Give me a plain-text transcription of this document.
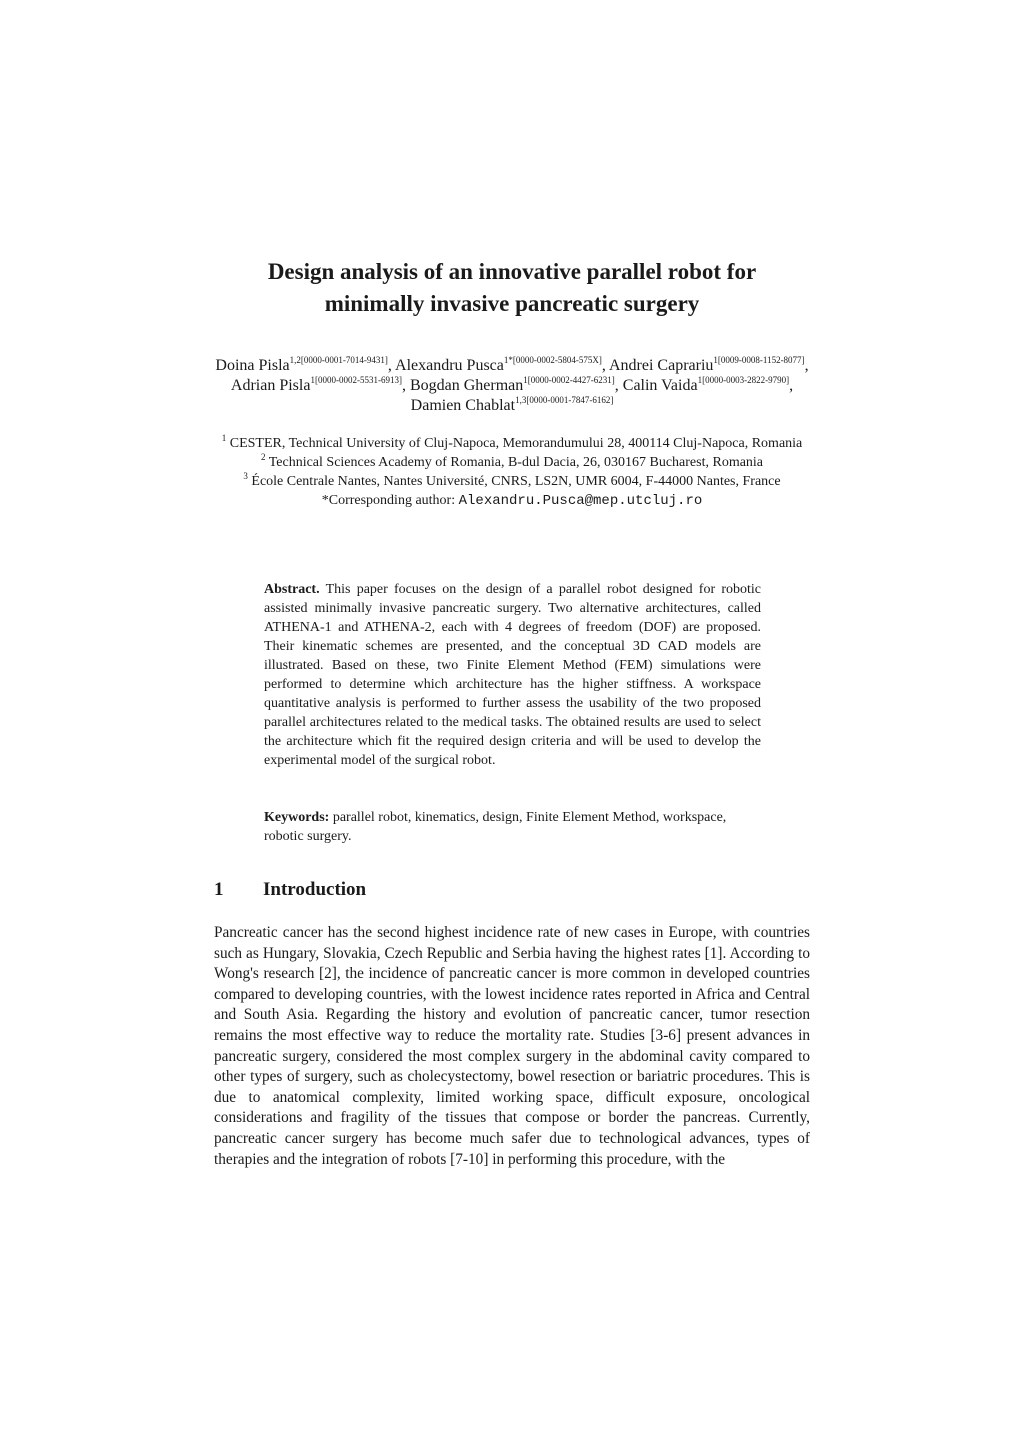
Design analysis of an innovative parallel robot for
minimally invasive pancreatic surgery
Doina Pisla$^{1,2[0000-0001-7014-9431]}$, Alexandru Pusca$^{1*[0000-0002-5804-575X]}$, Andrei Caprariu$^{1[0009-0008-1152-8077]}$, Adrian Pisla$^{1[0000-0002-5531-6913]}$, Bogdan Gherman$^{1[0000-0002-4427-6231]}$, Calin Vaida$^{1[0000-0003-2822-9790]}$, Damien Chablat$^{1,3[0000-0001-7847-6162]}$
$^1$ CESTER, Technical University of Cluj-Napoca, Memorandumului 28, 400114 Cluj-Napoca, Romania
$^2$ Technical Sciences Academy of Romania, B-dul Dacia, 26, 030167 Bucharest, Romania
$^3$ École Centrale Nantes, Nantes Université, CNRS, LS2N, UMR 6004, F-44000 Nantes, France
*Corresponding author: Alexandru.Pusca@mep.utcluj.ro
Abstract. This paper focuses on the design of a parallel robot designed for robotic assisted minimally invasive pancreatic surgery. Two alternative architectures, called ATHENA-1 and ATHENA-2, each with 4 degrees of freedom (DOF) are proposed. Their kinematic schemes are presented, and the conceptual 3D CAD models are illustrated. Based on these, two Finite Element Method (FEM) simulations were performed to determine which architecture has the higher stiffness. A workspace quantitative analysis is performed to further assess the usability of the two proposed parallel architectures related to the medical tasks. The obtained results are used to select the architecture which fit the required design criteria and will be used to develop the experimental model of the surgical robot.
Keywords: parallel robot, kinematics, design, Finite Element Method, workspace, robotic surgery.
1 Introduction
Pancreatic cancer has the second highest incidence rate of new cases in Europe, with countries such as Hungary, Slovakia, Czech Republic and Serbia having the highest rates [1]. According to Wong's research [2], the incidence of pancreatic cancer is more common in developed countries compared to developing countries, with the lowest incidence rates reported in Africa and Central and South Asia. Regarding the history and evolution of pancreatic cancer, tumor resection remains the most effective way to reduce the mortality rate. Studies [3-6] present advances in pancreatic surgery, considered the most complex surgery in the abdominal cavity compared to other types of surgery, such as cholecystectomy, bowel resection or bariatric procedures. This is due to anatomical complexity, limited working space, difficult exposure, oncological considerations and fragility of the tissues that compose or border the pancreas. Currently, pancreatic cancer surgery has become much safer due to technological advances, types of therapies and the integration of robots [7-10] in performing this procedure, with the
